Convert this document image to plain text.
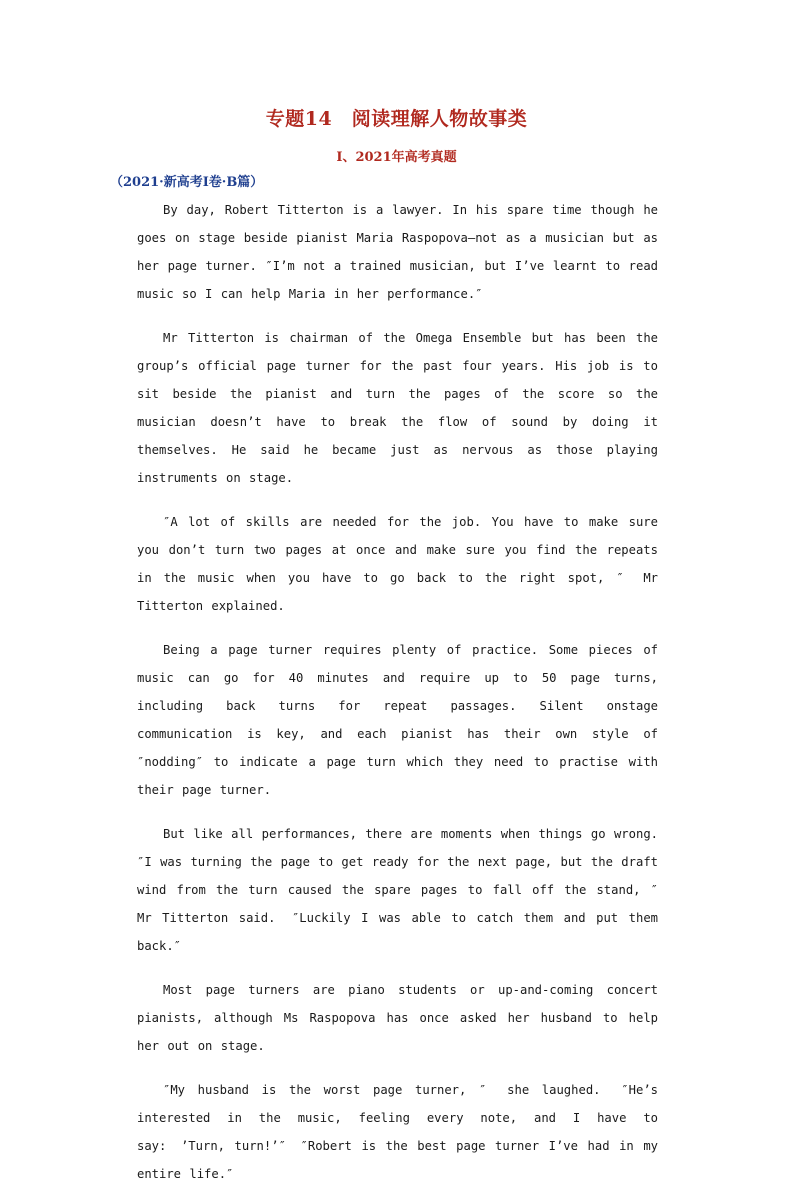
专题14　阅读理解人物故事类
Ⅰ、2021年高考真题
（2021·新高考Ⅰ卷·B篇）

By day, Robert Titterton is a lawyer. In his spare time though he goes on stage beside pianist Maria Raspopova—not as a musician but as her page turner. ″I’m not a trained musician, but I’ve learnt to read music so I can help Maria in her performance.″

Mr Titterton is chairman of the Omega Ensemble but has been the group’s official page turner for the past four years. His job is to sit beside the pianist and turn the pages of the score so the musician doesn’t have to break the flow of sound by doing it themselves. He said he became just as nervous as those playing instruments on stage.

″A lot of skills are needed for the job. You have to make sure you don’t turn two pages at once and make sure you find the repeats in the music when you have to go back to the right spot, ″　Mr Titterton explained.

Being a page turner requires plenty of practice. Some pieces of music can go for 40 minutes and require up to 50 page turns, including back turns for repeat passages. Silent onstage communication is key, and each pianist has their own style of ″nodding″ to indicate a page turn which they need to practise with their page turner.

But like all performances, there are moments when things go wrong.　″I was turning the page to get ready for the next page, but the draft wind from the turn caused the spare pages to fall off the stand, ″　Mr Titterton said.　″Luckily I was able to catch them and put them back.″

Most page turners are piano students or up-and-coming concert pianists, although Ms Raspopova has once asked her husband to help her out on stage.

″My husband is the worst page turner, ″　she laughed.　″He’s interested in the music, feeling every note, and I have to say:　’Turn, turn!’″　″Robert is the best page turner I’ve had in my entire life.″
